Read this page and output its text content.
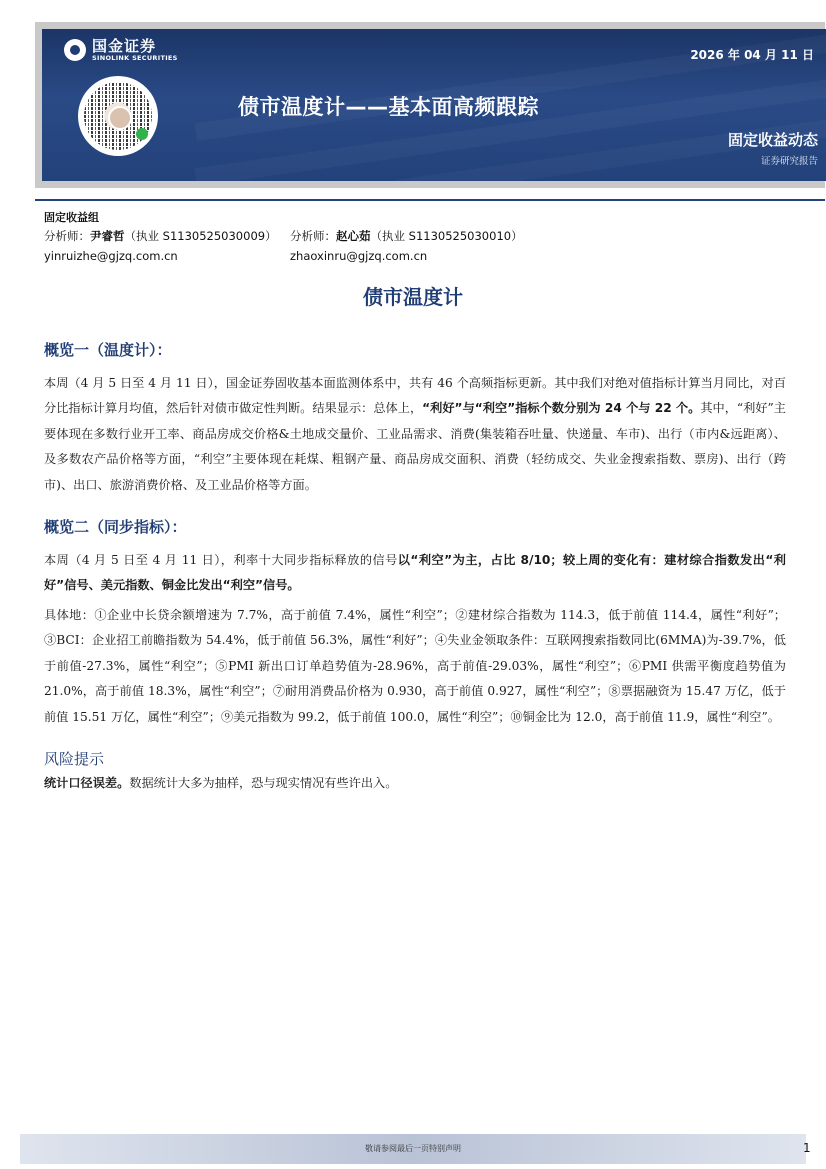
国金证券
SINOLINK SECURITIES
债市温度计——基本面高频跟踪
2026 年 04 月 11 日
固定收益动态
证券研究报告
固定收益组
分析师：尹睿哲（执业 S1130525030009）	分析师：赵心茹（执业 S1130525030010）
yinruizhe@gjzq.com.cn	zhaoxinru@gjzq.com.cn
债市温度计
概览一（温度计）：
本周（4 月 5 日至 4 月 11 日），国金证券固收基本面监测体系中，共有 46 个高频指标更新。其中我们对绝对值指标计算当月同比，对百分比指标计算月均值，然后针对债市做定性判断。结果显示：总体上，“利好”与“利空”指标个数分别为 24 个与 22 个。其中，“利好”主要体现在多数行业开工率、商品房成交价格&土地成交量价、工业品需求、消费(集装箱吞吐量、快递量、车市)、出行（市内&远距离）、及多数农产品价格等方面，“利空”主要体现在耗煤、粗钢产量、商品房成交面积、消费（轻纺成交、失业金搜索指数、票房)、出行（跨市)、出口、旅游消费价格、及工业品价格等方面。
概览二（同步指标）：
本周（4 月 5 日至 4 月 11 日），利率十大同步指标释放的信号以“利空”为主，占比 8/10；较上周的变化有：建材综合指数发出“利好”信号、美元指数、铜金比发出“利空”信号。
具体地：①企业中长贷余额增速为 7.7%，高于前值 7.4%，属性“利空”；②建材综合指数为 114.3，低于前值 114.4，属性“利好”；③BCI：企业招工前瞻指数为 54.4%，低于前值 56.3%，属性“利好”；④失业金领取条件：互联网搜索指数同比(6MMA)为-39.7%，低于前值-27.3%，属性“利空”；⑤PMI 新出口订单趋势值为-28.96%，高于前值-29.03%，属性“利空”；⑥PMI 供需平衡度趋势值为 21.0%，高于前值 18.3%，属性“利空”；⑦耐用消费品价格为 0.930，高于前值 0.927，属性“利空”；⑧票据融资为 15.47 万亿，低于前值 15.51 万亿，属性“利空”；⑨美元指数为 99.2，低于前值 100.0，属性“利空”；⑩铜金比为 12.0，高于前值 11.9，属性“利空”。
风险提示
统计口径误差。数据统计大多为抽样，恐与现实情况有些许出入。
敬请参阅最后一页特别声明	1
